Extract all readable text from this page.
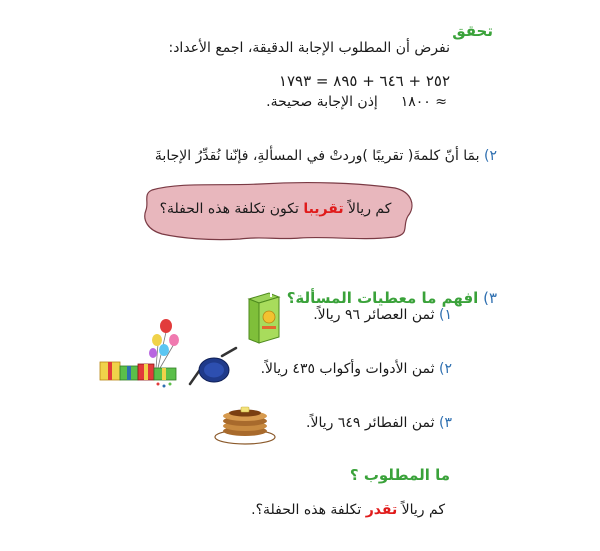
تحقق
نفرض أن المطلوب الإجابة الدقيقة، اجمع الأعداد:
٢٥٢ + ٦٤٦ + ٨٩٥ = ١٧٩٣
≈ ١٨٠٠  إذن الإجابة صحيحة.
٢) بمَا أنّ كلمةَ( تقريبًا )وردتْ في المسألةِ، فإنّنا نُقدِّرُ الإجابةَ
كم ريالاً تقريبا تكون تكلفة هذه الحفلة؟
٣) افهم ما معطيات المسألة؟
١) ثمن العصائر ٩٦ ريالاً.
٢) ثمن الأدوات وأكواب ٤٣٥ ريالاً.
٣) ثمن الفطائر ٦٤٩ ريالاً.
ما المطلوب ؟
كم ريالاً تقدر تكلفة هذه الحفلة؟.
